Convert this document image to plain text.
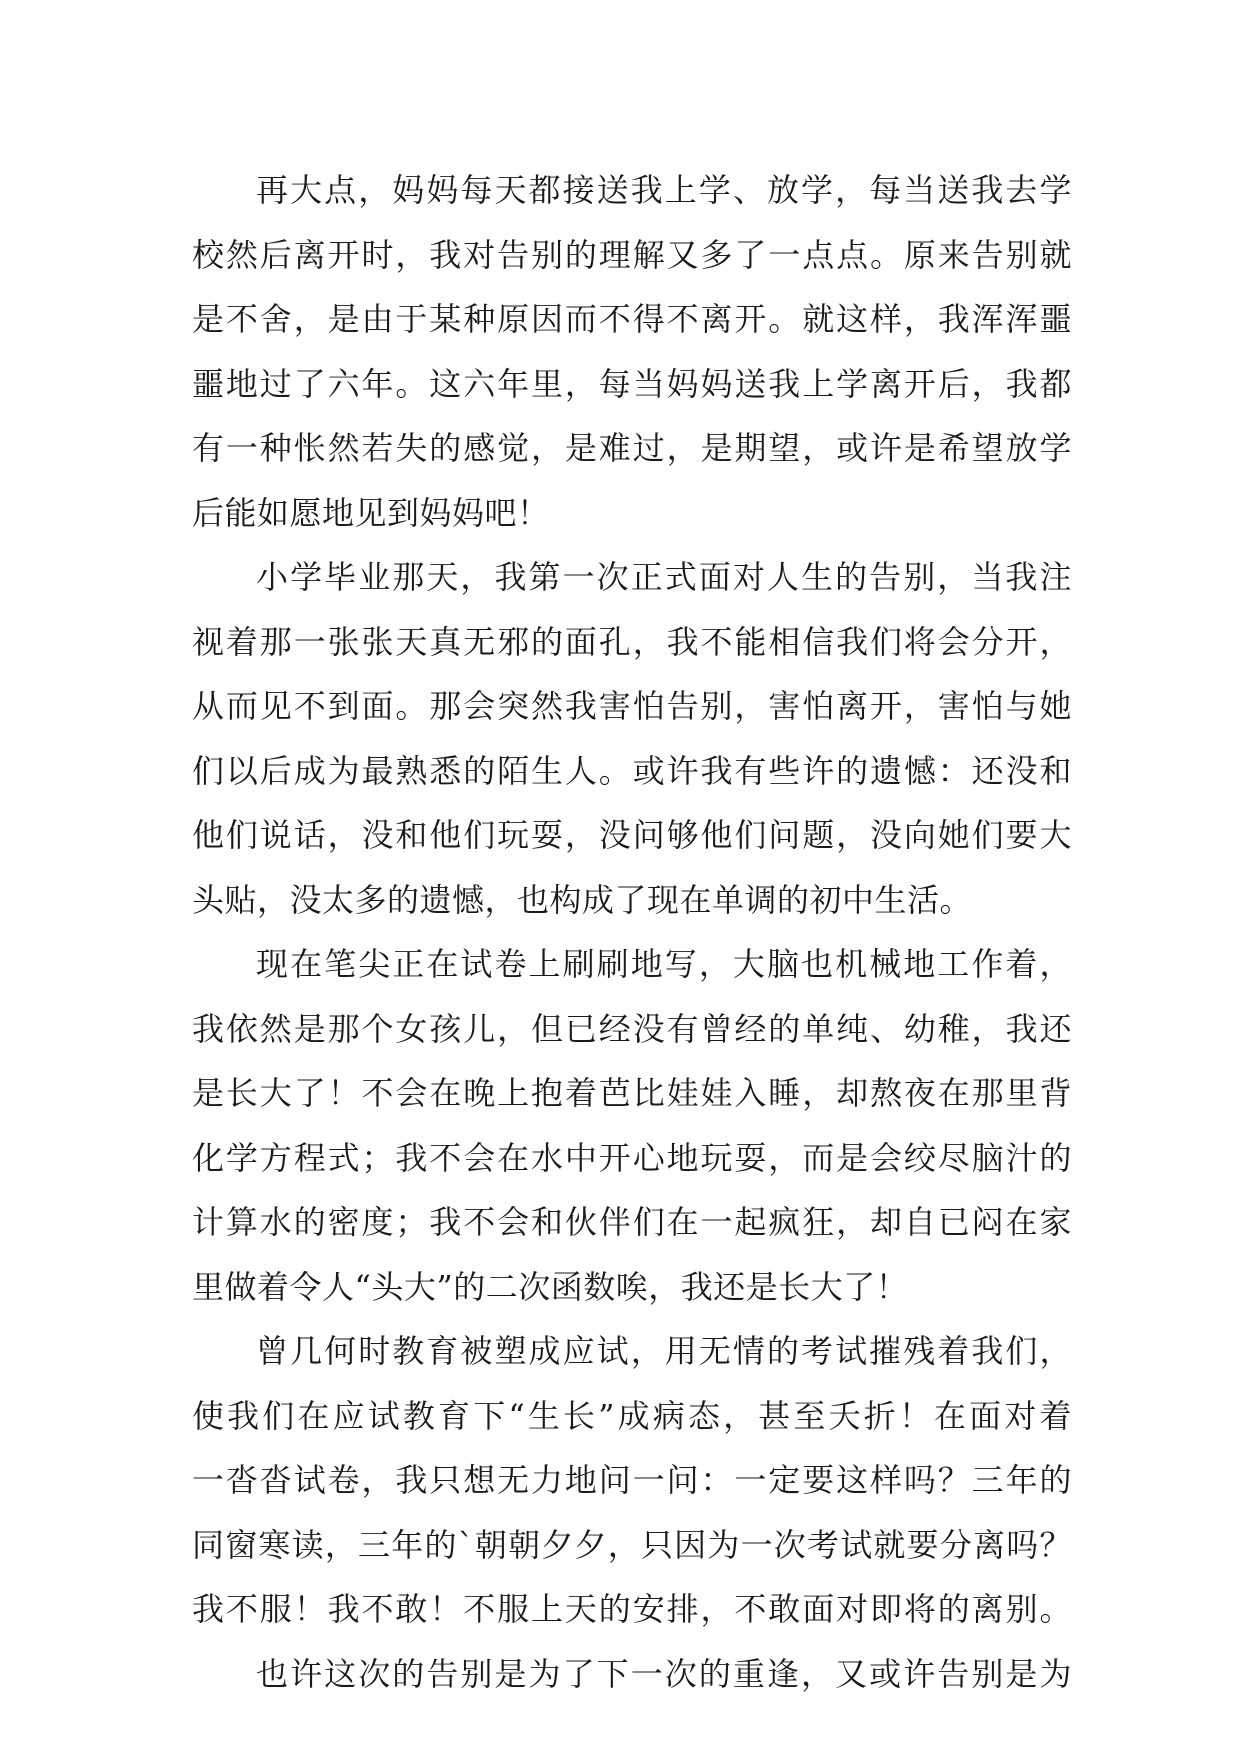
再大点，妈妈每天都接送我上学、放学，每当送我去学
校然后离开时，我对告别的理解又多了一点点。原来告别就
是不舍，是由于某种原因而不得不离开。就这样，我浑浑噩
噩地过了六年。这六年里，每当妈妈送我上学离开后，我都
有一种怅然若失的感觉，是难过，是期望，或许是希望放学
后能如愿地见到妈妈吧！
小学毕业那天，我第一次正式面对人生的告别，当我注
视着那一张张天真无邪的面孔，我不能相信我们将会分开，
从而见不到面。那会突然我害怕告别，害怕离开，害怕与她
们以后成为最熟悉的陌生人。或许我有些许的遗憾：还没和
他们说话，没和他们玩耍，没问够他们问题，没向她们要大
头贴，没太多的遗憾，也构成了现在单调的初中生活。
现在笔尖正在试卷上刷刷地写，大脑也机械地工作着，
我依然是那个女孩儿，但已经没有曾经的单纯、幼稚，我还
是长大了！不会在晚上抱着芭比娃娃入睡，却熬夜在那里背
化学方程式；我不会在水中开心地玩耍，而是会绞尽脑汁的
计算水的密度；我不会和伙伴们在一起疯狂，却自已闷在家
里做着令人“头大”的二次函数唉，我还是长大了！
曾几何时教育被塑成应试，用无情的考试摧残着我们，
使我们在应试教育下“生长”成病态，甚至夭折！在面对着
一沓沓试卷，我只想无力地问一问：一定要这样吗？三年的
同窗寒读，三年的`朝朝夕夕，只因为一次考试就要分离吗？
我不服！我不敢！不服上天的安排，不敢面对即将的离别。
也许这次的告别是为了下一次的重逢，又或许告别是为
